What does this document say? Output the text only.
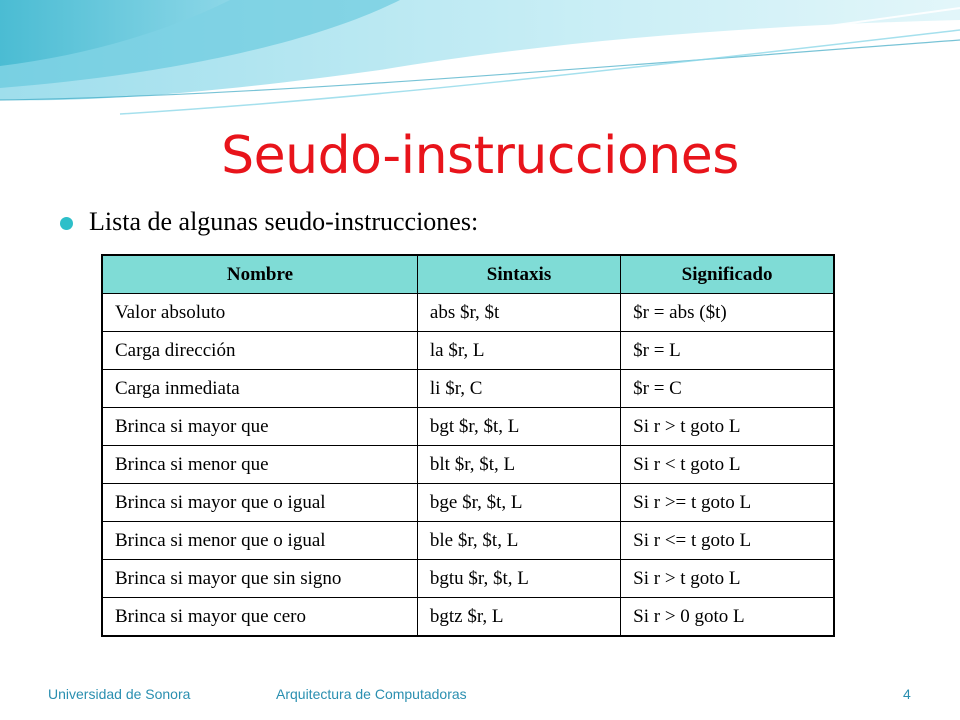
Seudo-instrucciones
Lista de algunas seudo-instrucciones:
Nombre	Sintaxis	Significado
Valor absoluto	abs $r, $t	$r = abs ($t)
Carga dirección	la $r, L	$r = L
Carga inmediata	li $r, C	$r = C
Brinca si mayor que	bgt $r, $t, L	Si r > t goto L
Brinca si menor que	blt $r, $t, L	Si r < t goto L
Brinca si mayor que o igual	bge $r, $t, L	Si r >= t goto L
Brinca si menor que o igual	ble $r, $t, L	Si r <= t goto L
Brinca si mayor que sin signo	bgtu $r, $t, L	Si r > t goto L
Brinca si mayor que cero	bgtz $r, L	Si r > 0 goto L
Universidad de Sonora	Arquitectura de Computadoras	4
